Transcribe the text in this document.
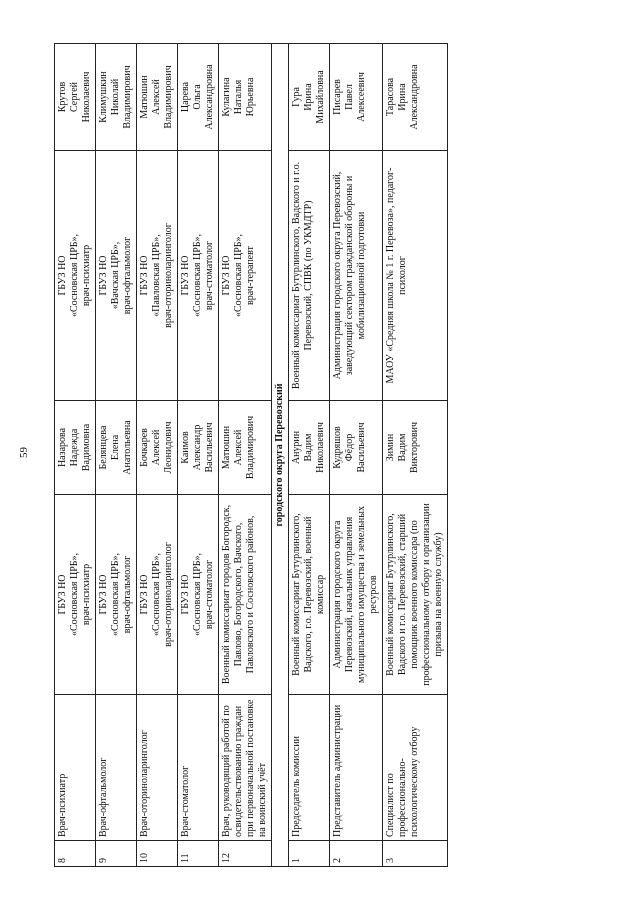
59
8	Врач-психиатр	ГБУЗ НО «Сосновская ЦРБ», врач-психиатр	Назарова Надежда Вадимовна	ГБУЗ НО «Сосновская ЦРБ», врач-психиатр	Крутов Сергей Николаевич

9	Врач-офтальмолог	ГБУЗ НО «Сосновская ЦРБ», врач-офтальмолог	Белянцева Елена Анатольевна	ГБУЗ НО «Вачская ЦРБ», врач-офтальмолог	Климушкин Николай Владимирович

10	Врач-оториноларинголог	ГБУЗ НО «Сосновская ЦРБ», врач-оториноларинголог	Бочкарев Алексей Леонидович	ГБУЗ НО «Павловская ЦРБ», врач-оториноларинголог	Матюшин Алексей Владимирович

11	Врач-стоматолог	ГБУЗ НО «Сосновская ЦРБ», врач-стоматолог	Каимов Александр Васильевич	ГБУЗ НО «Сосновская ЦРБ», врач-стоматолог	Царева Ольга Александровна

12	Врач, руководящий работой по освидетельствованию граждан при первоначальной постановке на воинский учёт	Военный комиссариат городов Богородск, Павлово, Богородского, Вачского, Павловского и Сосновского районов,	Матюшин Алексей Владимирович	ГБУЗ НО «Сосновская ЦРБ», врач-терапевт	Кулагина Наталья Юрьевна

городского округа Перевозский					
1	Председатель комиссии	Военный комиссариат Бутурлинского, Вадского, г.о. Перевозский, военный комиссар	Анурин Вадим Николаевич	Военный комиссариат Бутурлинского, Вадского и г.о. Перевозский, СПВК (по УКМДТР)	Гура Ирина Михайловна

2	Представитель администрации	Администрация городского округа Перевозский, начальник управления муниципального имущества и земельных ресурсов	Кудряшов Фёдор Васильевич	Администрация городского округа Перевозский, заведующий сектором гражданской обороны и мобилизационной подготовки	Писарев Павел Алексеевич

3	Специалист по профессионально-психологическому отбору	Военный комиссариат Бутурлинского, Вадского и г.о. Перевозский, старший помощник военного комиссара (по профессиональному отбору и организации призыва на военную службу)	Зимин Вадим Викторович	МАОУ «Средняя школа № 1 г. Перевоза», педагог-психолог	Тарасова Ирина Александровна
